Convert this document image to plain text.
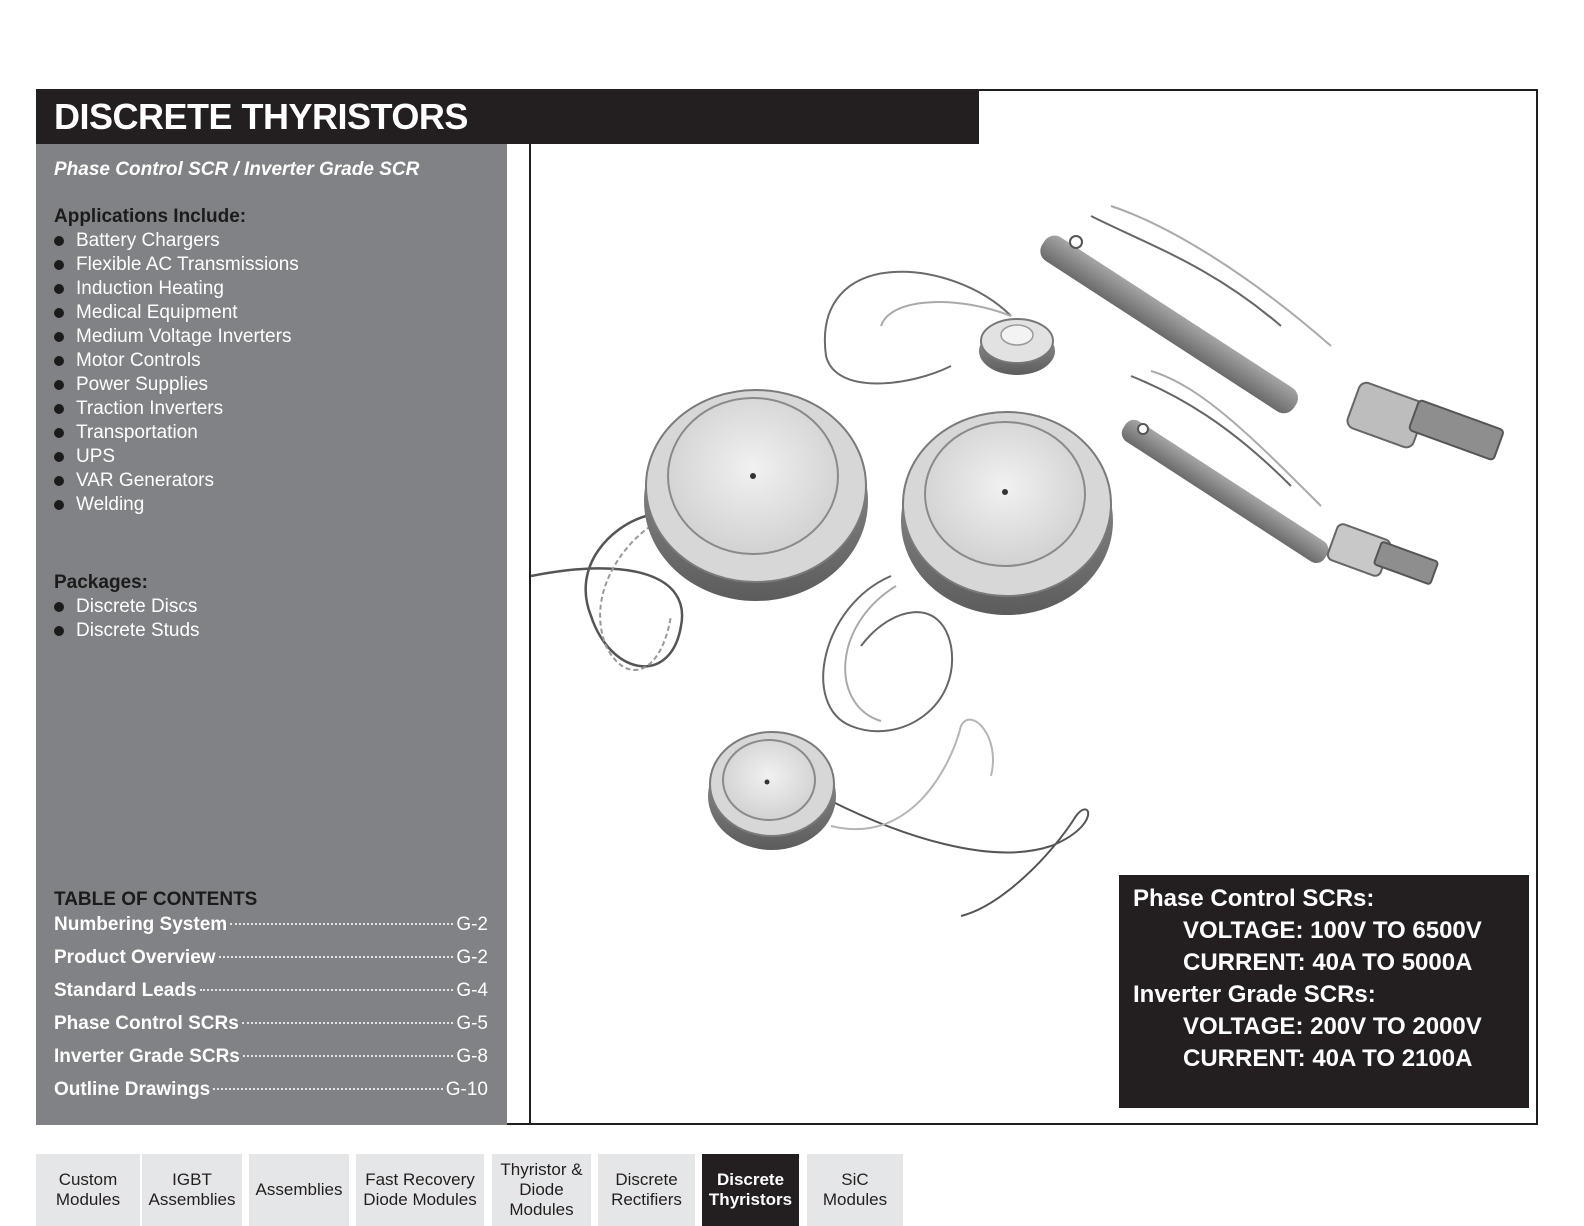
DISCRETE THYRISTORS
Phase Control SCR / Inverter Grade SCR
Applications Include:
Battery Chargers
Flexible AC Transmissions
Induction Heating
Medical Equipment
Medium Voltage Inverters
Motor Controls
Power Supplies
Traction Inverters
Transportation
UPS
VAR Generators
Welding
Packages:
Discrete Discs
Discrete Studs
TABLE OF CONTENTS
Numbering System	G-2
Product Overview	G-2
Standard Leads	G-4
Phase Control SCRs	G-5
Inverter Grade SCRs	G-8
Outline Drawings	G-10
Phase Control SCRs:
VOLTAGE: 100V TO 6500V
CURRENT: 40A TO 5000A
Inverter Grade SCRs:
VOLTAGE: 200V TO 2000V
CURRENT: 40A TO 2100A
Custom
Modules
IGBT
Assemblies
Assemblies
Fast Recovery
Diode Modules
Thyristor &
Diode
Modules
Discrete
Rectifiers
Discrete
Thyristors
SiC
Modules
